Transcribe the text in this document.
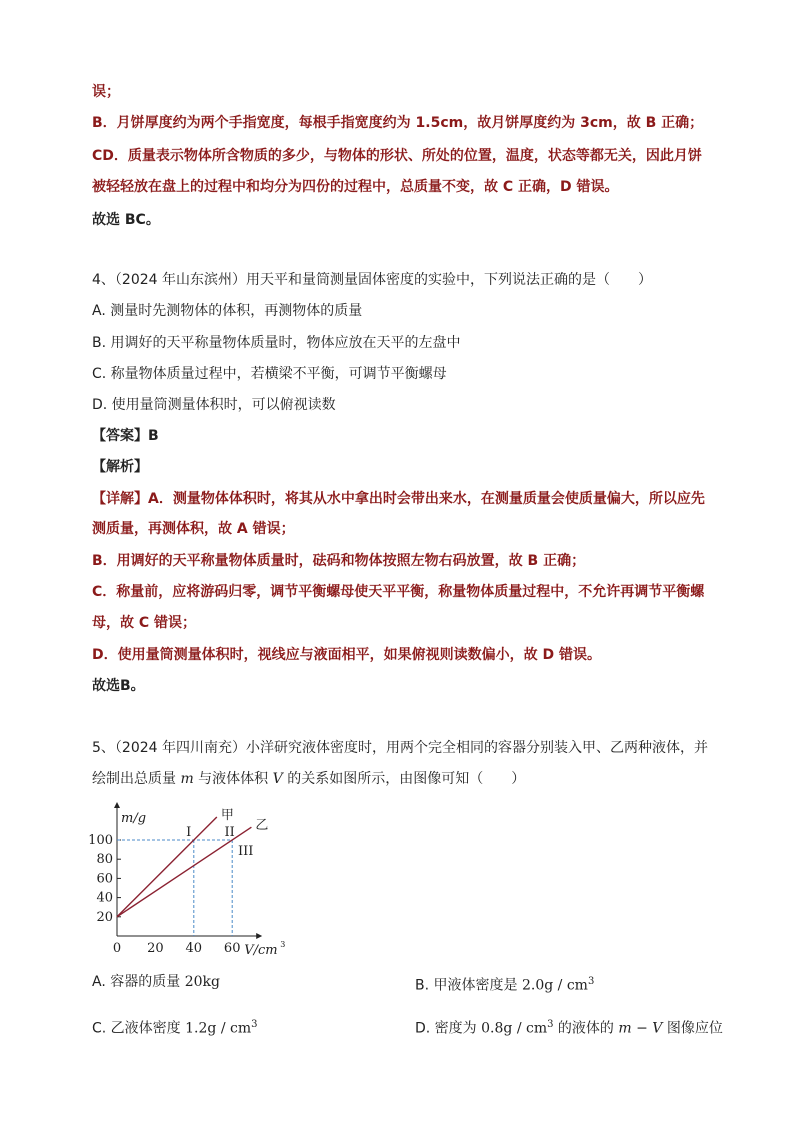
误；
B．月饼厚度约为两个手指宽度，每根手指宽度约为 1.5cm，故月饼厚度约为 3cm，故 B 正确；
CD．质量表示物体所含物质的多少，与物体的形状、所处的位置，温度，状态等都无关，因此月饼
被轻轻放在盘上的过程中和均分为四份的过程中，总质量不变，故 C 正确，D 错误。
故选 BC。
4、（2024 年山东滨州）用天平和量筒测量固体密度的实验中，下列说法正确的是（　　）
A. 测量时先测物体的体积，再测物体的质量
B. 用调好的天平称量物体质量时，物体应放在天平的左盘中
C. 称量物体质量过程中，若横梁不平衡，可调节平衡螺母
D. 使用量筒测量体积时，可以俯视读数
【答案】B
【解析】
【详解】A．测量物体体积时，将其从水中拿出时会带出来水，在测量质量会使质量偏大，所以应先
测质量，再测体积，故 A 错误；
B．用调好的天平称量物体质量时，砝码和物体按照左物右码放置，故 B 正确；
C．称量前，应将游码归零，调节平衡螺母使天平平衡，称量物体质量过程中，不允许再调节平衡螺
母，故 C 错误；
D．使用量筒测量体积时，视线应与液面相平，如果俯视则读数偏小，故 D 错误。
故选B。
5、（2024 年四川南充）小洋研究液体密度时，用两个完全相同的容器分别装入甲、乙两种液体，并
绘制出总质量 m 与液体体积 V 的关系如图所示，由图像可知（　　）
20
40
60
80
100
0 20 40 60
甲
乙
I	II
III
m/g
V/cm 3
A. 容器的质量 20kg	B. 甲液体密度是 $2.0g / cm^3$
C. 乙液体密度 $1.2g / cm^3$	D. 密度为 $0.8g / cm^3$ 的液体的 m − V 图像应位
